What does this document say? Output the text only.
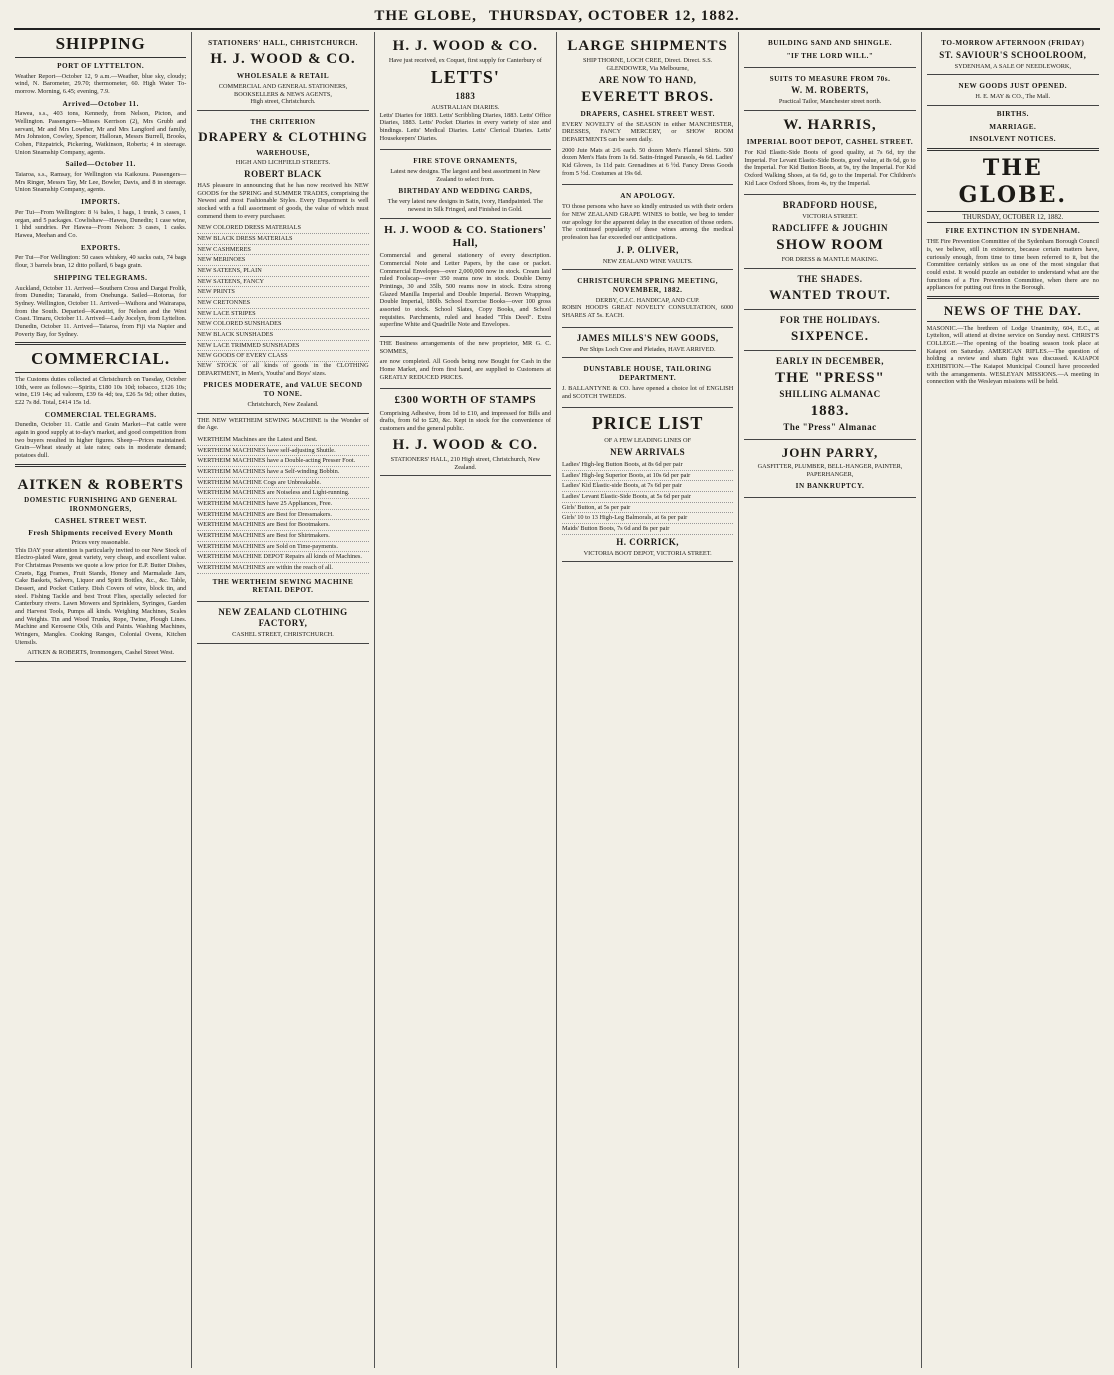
THE GLOBE, THURSDAY, OCTOBER 12, 1882.
SHIPPING
PORT OF LYTTELTON.

Weather Report—October 12, 9 a.m.—Weather, blue sky, cloudy; wind, N. Barometer, 29.70; thermometer, 60. High Water To-morrow. Morning, 6.45; evening, 7.9.

Arrived—October 11.

Hawea, s.s., 403 tons, Kennedy, from Nelson, Picton, and Wellington. Passengers—Misses Kerrison (2), Mrs Grubb and servant, Mr and Mrs Lowther, Mr and Mrs Langford and family, Mrs Johnston, Cowley, Spencer, Halloran, Messrs Burrell, Brooks, Cohen, Fitzpatrick, Pickering, Watkinson, Roberts; 4 in steerage. Union Steamship Company, agents.

Sailed—October 11.

Taiaroa, s.s., Ramsay, for Wellington via Kaikoura. Passengers—Mrs Ringer, Messrs Tay, Mr Lee, Bowler, Davis, and 8 in steerage. Union Steamship Company, agents.

IMPORTS.

Per Tui—From Wellington: 8 ¼ bales, 1 hags, 1 trunk, 3 cases, 1 organ, and 5 packages. Cowlishaw—Hawea, Dunedin; 1 case wine, 1 hhd sundries. Per Hawea—From Nelson: 3 cases, 1 casks. Hawea, Meehan and Co.

EXPORTS.

Per Tui—For Wellington: 50 cases whiskey, 40 sacks oats, 74 bags flour, 3 barrels bran, 12 ditto pollard, 6 bags grain.

SHIPPING TELEGRAMS.

Auckland, October 11. Arrived—Southern Cross and Dargai Frolik, from Dunedin; Taranaki, from Onehunga. Sailed—Rotorua, for Sydney. Wellington, October 11. Arrived—Waihora and Wairarapa, from the South. Departed—Kawatiri, for Nelson and the West Coast. Timaru, October 11. Arrived—Lady Jocelyn, from Lyttelton. Dunedin, October 11. Arrived—Taiaroa, from Fiji via Napier and Poverty Bay, for Sydney.

COMMERCIAL.

The Customs duties collected at Christchurch on Tuesday, October 10th, were as follows:—Spirits, £180 10s 10d; tobacco, £126 10s; wine, £19 14s; ad valorem, £39 6s 4d; tea, £26 5s 9d; other duties, £22 7s 8d. Total, £414 15s 1d.

COMMERCIAL TELEGRAMS.

Dunedin, October 11. Cattle and Grain Market—Fat cattle were again in good supply at to-day's market, and good competition from two buyers resulted in higher figures. Sheep—Prices maintained. Grain—Wheat steady at late rates; oats in moderate demand; potatoes dull.

AITKEN & ROBERTS
DOMESTIC FURNISHING AND GENERAL IRONMONGERS,
CASHEL STREET WEST.
Fresh Shipments received Every Month
Prices very reasonable.

This DAY your attention is particularly invited to our New Stock of Electro-plated Ware, great variety, very cheap, and excellent value. For Christmas Presents we quote a low price for E.P. Butter Dishes, Cruets, Egg Frames, Fruit Stands, Honey and Marmalade Jars, Cake Baskets, Salvers, Liquor and Spirit Bottles, &c., &c. Table, Dessert, and Pocket Cutlery. Dish Covers of wire, block tin, and steel. Fishing Tackle and best Trout Flies, specially selected for Canterbury rivers. Lawn Mowers and Sprinklers, Syringes, Garden and Harvest Tools, Pumps all kinds. Weighing Machines, Scales and Weights. Tin and Wood Trunks, Rope, Twine, Plough Lines. Machine and Kerosene Oils, Oils and Paints. Washing Machines, Wringers, Mangles. Cooking Ranges, Colonial Ovens, Kitchen Utensils.

AITKEN & ROBERTS, Ironmongers, Cashel Street West.
STATIONERS' HALL, CHRISTCHURCH.
H. J. WOOD & CO.
WHOLESALE & RETAIL
COMMERCIAL AND GENERAL STATIONERS, BOOKSELLERS & NEWS AGENTS,
High street, Christchurch.
THE CRITERION
DRAPERY & CLOTHING
WAREHOUSE,
HIGH AND LICHFIELD STREETS.
ROBERT BLACK

HAS pleasure in announcing that he has now received his NEW GOODS for the SPRING and SUMMER TRADES, comprising the Newest and most Fashionable Styles. Every Department is well stocked with a full assortment of goods, the value of which must commend them to every purchaser.

NEW COLORED DRESS MATERIALS
NEW BLACK DRESS MATERIALS
NEW CASHMERES
NEW MERINOES
NEW SATEENS, PLAIN
NEW SATEENS, FANCY
NEW PRINTS
NEW CRETONNES
NEW LACE STRIPES
NEW COLORED SUNSHADES
NEW BLACK SUNSHADES
NEW LACE TRIMMED SUNSHADES
NEW GOODS OF EVERY CLASS

NEW STOCK of all kinds of goods in the CLOTHING DEPARTMENT, in Men's, Youths' and Boys' sizes.

PRICES MODERATE, and VALUE SECOND TO NONE.
Christchurch, New Zealand.

THE NEW WERTHEIM SEWING MACHINE is the Wonder of the Age.

WERTHEIM Machines are the Latest and Best.
WERTHEIM MACHINES have self-adjusting Shuttle.
WERTHEIM MACHINES have a Double-acting Presser Foot.
WERTHEIM MACHINES have a Self-winding Bobbin.
WERTHEIM MACHINE Cogs are Unbreakable.
WERTHEIM MACHINES are Noiseless and Light-running.
WERTHEIM MACHINES have 25 Appliances, Free.
WERTHEIM MACHINES are Best for Dressmakers.
WERTHEIM MACHINES are Best for Bootmakers.
WERTHEIM MACHINES are Best for Shirtmakers.
WERTHEIM MACHINES are Sold on Time-payments.
WERTHEIM MACHINE DEPOT Repairs all kinds of Machines.
WERTHEIM MACHINES are within the reach of all.
THE WERTHEIM SEWING MACHINE RETAIL DEPOT.
NEW ZEALAND CLOTHING FACTORY,
CASHEL STREET, CHRISTCHURCH.
H. J. WOOD & CO.
Have just received, ex Coquet, first supply for Canterbury of
LETTS'
1883
AUSTRALIAN DIARIES.

Letts' Diaries for 1883. Letts' Scribbling Diaries, 1883. Letts' Office Diaries, 1883. Letts' Pocket Diaries in every variety of size and bindings. Letts' Medical Diaries. Letts' Clerical Diaries. Letts' Housekeepers' Diaries.

FIRE STOVE ORNAMENTS,
Latest new designs. The largest and best assortment in New Zealand to select from.
BIRTHDAY AND WEDDING CARDS,
The very latest new designs in Satin, ivory, Handpainted. The newest in Silk Fringed, and Finished in Gold.
H. J. WOOD & CO. Stationers' Hall,

Commercial and general stationery of every description. Commercial Note and Letter Papers, by the case or packet. Commercial Envelopes—over 2,000,000 now in stock. Cream laid ruled Foolscap—over 350 reams now in stock. Double Demy Printings, 30 and 35lb, 500 reams now in stock. Extra strong Glazed Manilla Imperial and Double Imperial. Brown Wrapping, Double Imperial, 180lb. School Exercise Books—over 100 gross assorted to stock. School Slates, Copy Books, and School requisites. Parchments, ruled and headed "This Deed". Extra superfine White and Quadrille Note and Envelopes.

THE Business arrangements of the new proprietor, MR G. C. SOMMES,

are now completed. All Goods being now Bought for Cash in the Home Market, and from first hand, are supplied to Customers at GREATLY REDUCED PRICES.

£300 WORTH OF STAMPS

Comprising Adhesive, from 1d to £10, and impressed for Bills and drafts, from 6d to £20, &c. Kept in stock for the convenience of customers and the general public.

H. J. WOOD & CO.
STATIONERS' HALL, 210 High street, Christchurch, New Zealand.
LARGE SHIPMENTS
SHIP THORNE, LOCH CREE, Direct. Direct. S.S. GLENDOWER, Via Melbourne,
ARE NOW TO HAND,
EVERETT BROS.
DRAPERS, CASHEL STREET WEST.

EVERY NOVELTY of the SEASON in either MANCHESTER, DRESSES, FANCY MERCERY, or SHOW ROOM DEPARTMENTS can be seen daily.

2000 Jute Mats at 2/6 each. 50 dozen Men's Flannel Shirts. 500 dozen Men's Hats from 1s 6d. Satin-fringed Parasols, 4s 6d. Ladies' Kid Gloves, 1s 11d pair. Grenadines at 6 ½d. Fancy Dress Goods from 5 ½d. Costumes at 19s 6d.

AN APOLOGY.

TO those persons who have so kindly entrusted us with their orders for NEW ZEALAND GRAPE WINES to bottle, we beg to tender our apology for the apparent delay in the execution of those orders. The continued popularity of these wines among the medical profession has far exceeded our anticipations.

J. P. OLIVER,
NEW ZEALAND WINE VAULTS.
CHRISTCHURCH SPRING MEETING, NOVEMBER, 1882.
DERBY, C.J.C. HANDICAP, AND CUP.

ROBIN HOOD'S GREAT NOVELTY CONSULTATION, 6000 SHARES AT 5s. EACH.

JAMES MILLS'S NEW GOODS,
Per Ships Loch Cree and Pleiades, HAVE ARRIVED.
DUNSTABLE HOUSE, TAILORING DEPARTMENT.

J. BALLANTYNE & CO. have opened a choice lot of ENGLISH and SCOTCH TWEEDS.

PRICE LIST
OF A FEW LEADING LINES OF
NEW ARRIVALS
Ladies' High-leg Button Boots, at 8s 6d per pair
Ladies' High-leg Superior Boots, at 10s 6d per pair
Ladies' Kid Elastic-side Boots, at 7s 6d per pair
Ladies' Levant Elastic-Side Boots, at 5s 6d per pair
Girls' Button, at 5s per pair
Girls' 10 to 13 High-Leg Balmorals, at 6s per pair
Maids' Button Boots, 7s 6d and 8s per pair
H. CORRICK,
VICTORIA BOOT DEPOT, VICTORIA STREET.
BUILDING SAND AND SHINGLE.
"IF THE LORD WILL."
SUITS TO MEASURE FROM 70s.
W. M. ROBERTS,
Practical Tailor, Manchester street north.
W. HARRIS,
IMPERIAL BOOT DEPOT, CASHEL STREET.

For Kid Elastic-Side Boots of good quality, at 7s 6d, try the Imperial. For Levant Elastic-Side Boots, good value, at 8s 6d, go to the Imperial. For Kid Button Boots, at 9s, try the Imperial. For Kid Oxford Walking Shoes, at 6s 6d, go to the Imperial. For Children's Kid Lace Oxford Shoes, from 4s, try the Imperial.

BRADFORD HOUSE,
VICTORIA STREET.
RADCLIFFE & JOUGHIN
SHOW ROOM
FOR DRESS & MANTLE MAKING.
THE SHADES.
WANTED TROUT.
FOR THE HOLIDAYS.
SIXPENCE.
EARLY IN DECEMBER,
THE "PRESS"
SHILLING ALMANAC
1883.
The "Press" Almanac
JOHN PARRY,
GASFITTER, PLUMBER, BELL-HANGER, PAINTER, PAPERHANGER,
IN BANKRUPTCY.
TO-MORROW AFTERNOON (FRIDAY)
ST. SAVIOUR'S SCHOOLROOM,
SYDENHAM, A SALE OF NEEDLEWORK,
NEW GOODS JUST OPENED.
H. E. MAY & CO., The Mall.
BIRTHS.
MARRIAGE.
INSOLVENT NOTICES.
THE GLOBE.
THURSDAY, OCTOBER 12, 1882.
FIRE EXTINCTION IN SYDENHAM.

THE Fire Prevention Committee of the Sydenham Borough Council is, we believe, still in existence, because certain matters have, curiously enough, from time to time been referred to it, but the Committee certainly strikes us as one of the most singular that could exist. It would puzzle an outsider to understand what are the functions of a Fire Prevention Committee, when there are no appliances for putting out fires in the Borough.

NEWS OF THE DAY.

MASONIC.—The brethren of Lodge Unanimity, 604, E.C., at Lyttelton, will attend at divine service on Sunday next. CHRIST'S COLLEGE.—The opening of the boating season took place at Kaiapoi on Saturday. AMERICAN RIFLES.—The question of holding a review and sham fight was discussed. KAIAPOI EXHIBITION.—The Kaiapoi Municipal Council have proceeded with the arrangements. WESLEYAN MISSIONS.—A meeting in connection with the Wesleyan missions will be held.
